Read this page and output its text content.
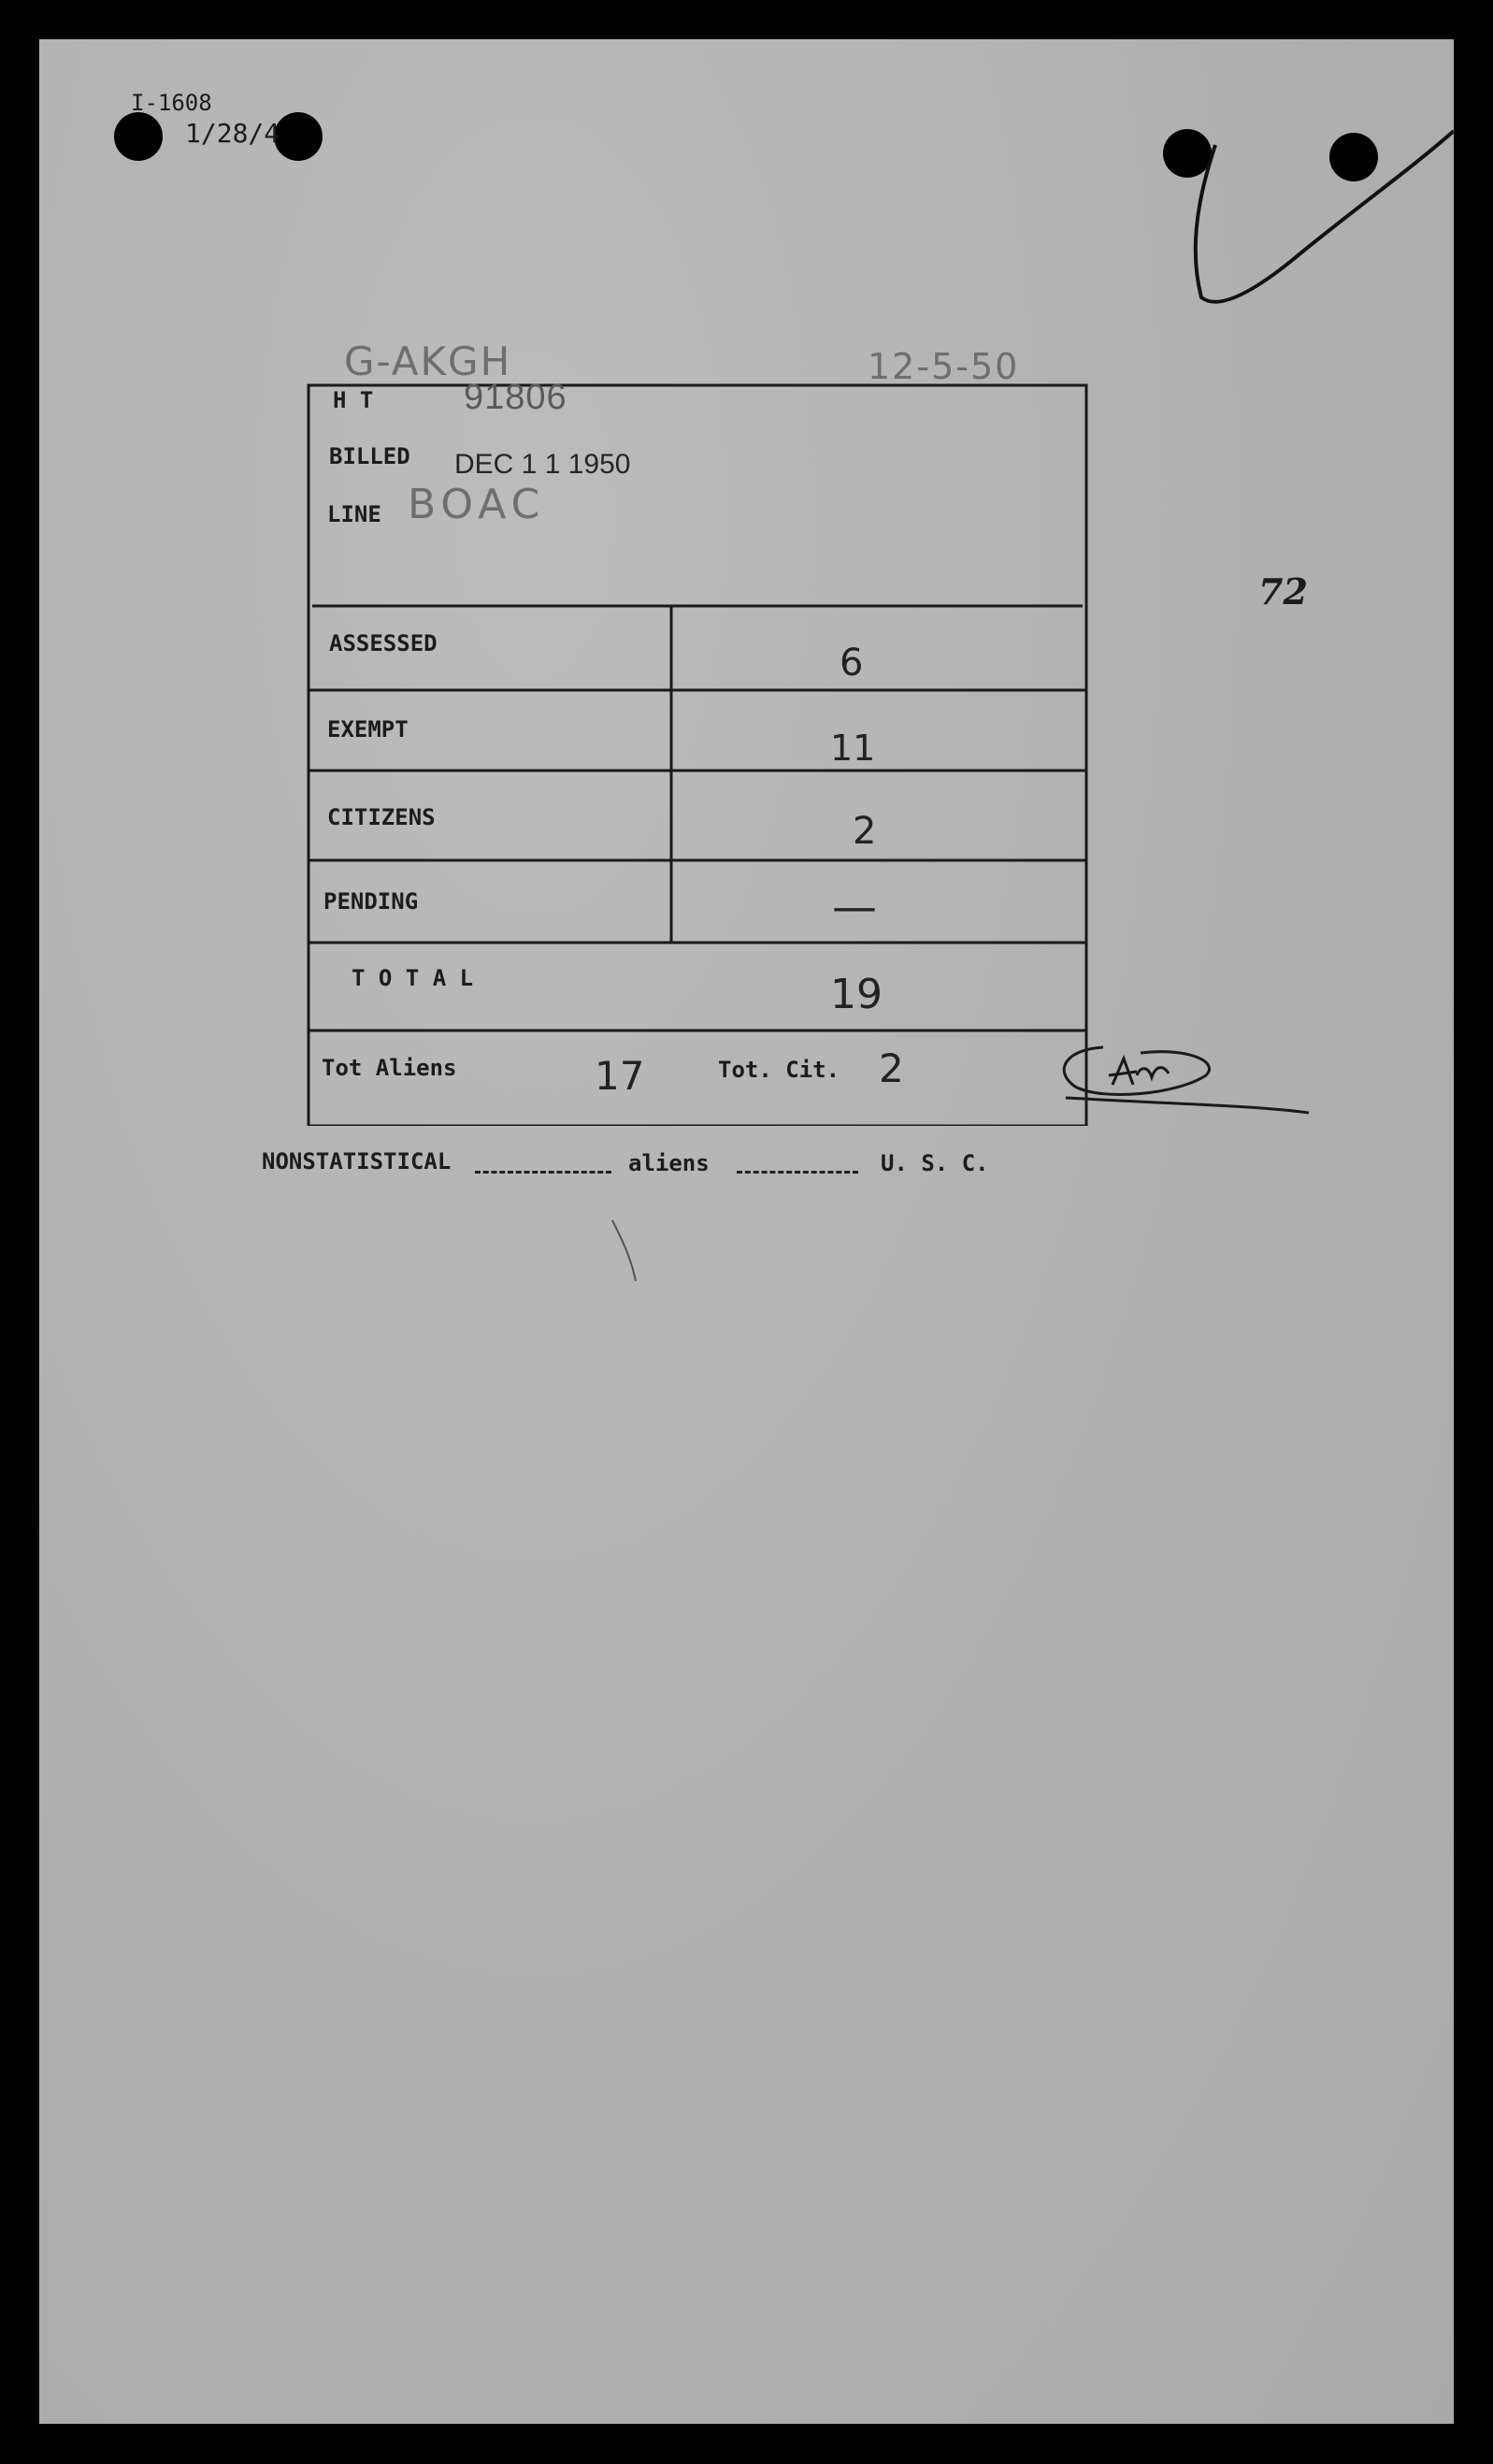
I-1608
1/28/4
G-AKGH	12-5-50
72
H T	91806
BILLED DEC 1 1 1950
LINE BOAC
ASSESSED	6
EXEMPT	11
CITIZENS	2
PENDING	—
T O T A L	19
Tot Aliens	17	Tot. Cit. 2
NONSTATISTICAL	aliens	U. S. C.
